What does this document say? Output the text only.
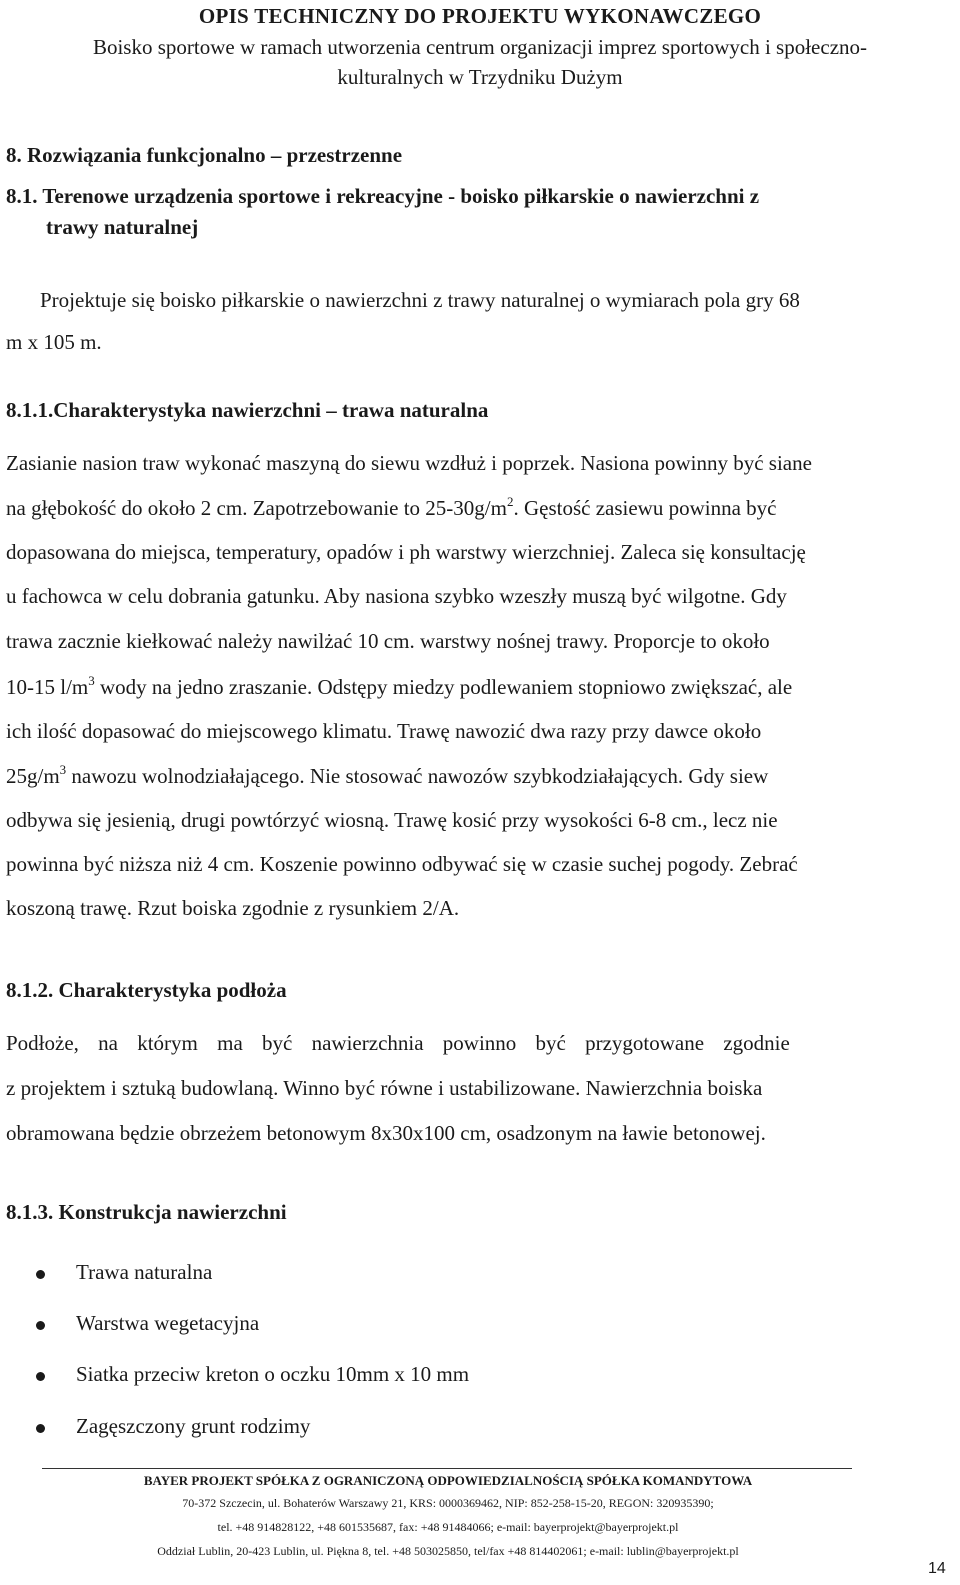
OPIS TECHNICZNY DO PROJEKTU WYKONAWCZEGO
Boisko sportowe w ramach utworzenia centrum organizacji imprez sportowych i społeczno-
kulturalnych w Trzydniku Dużym
8. Rozwiązania funkcjonalno – przestrzenne
8.1. Terenowe urządzenia sportowe i rekreacyjne - boisko piłkarskie o nawierzchni z
trawy naturalnej
Projektuje się boisko piłkarskie o nawierzchni z trawy naturalnej o wymiarach pola gry 68
m x 105 m.
8.1.1.Charakterystyka nawierzchni – trawa naturalna
Zasianie nasion traw wykonać maszyną do siewu wzdłuż i poprzek. Nasiona powinny być siane
na głębokość do około 2 cm. Zapotrzebowanie to $25-30g/m^2$. Gęstość zasiewu powinna być
dopasowana do miejsca, temperatury, opadów i ph warstwy wierzchniej. Zaleca się konsultację
u fachowca w celu dobrania gatunku. Aby nasiona szybko wzeszły muszą być wilgotne. Gdy
trawa zacznie kiełkować należy nawilżać 10 cm. warstwy nośnej trawy. Proporcje to około
10-15 $l/m^3$ wody na jedno zraszanie. Odstępy miedzy podlewaniem stopniowo zwiększać, ale
ich ilość dopasować do miejscowego klimatu. Trawę nawozić dwa razy przy dawce około
$25g/m^3$ nawozu wolnodziałającego. Nie stosować nawozów szybkodziałających. Gdy siew
odbywa się jesienią, drugi powtórzyć wiosną. Trawę kosić przy wysokości 6-8 cm., lecz nie
powinna być niższa niż 4 cm. Koszenie powinno odbywać się w czasie suchej pogody. Zebrać
koszoną trawę. Rzut boiska zgodnie z rysunkiem 2/A.
8.1.2. Charakterystyka podłoża
Podłoże, na którym ma być nawierzchnia powinno być przygotowane zgodnie
z projektem i sztuką budowlaną. Winno być równe i ustabilizowane. Nawierzchnia boiska
obramowana będzie obrzeżem betonowym 8x30x100 cm, osadzonym na ławie betonowej.
8.1.3. Konstrukcja nawierzchni
Trawa naturalna
Warstwa wegetacyjna
Siatka przeciw kreton o oczku 10mm x 10 mm
Zagęszczony grunt rodzimy
BAYER PROJEKT SPÓŁKA Z OGRANICZONĄ ODPOWIEDZIALNOŚCIĄ SPÓŁKA KOMANDYTOWA
70-372 Szczecin, ul. Bohaterów Warszawy 21, KRS: 0000369462, NIP: 852-258-15-20, REGON: 320935390;
tel. +48 914828122, +48 601535687, fax: +48 91484066; e-mail: bayerprojekt@bayerprojekt.pl
Oddział Lublin, 20-423 Lublin, ul. Piękna 8, tel. +48 503025850, tel/fax +48 814402061; e-mail: lublin@bayerprojekt.pl
14
